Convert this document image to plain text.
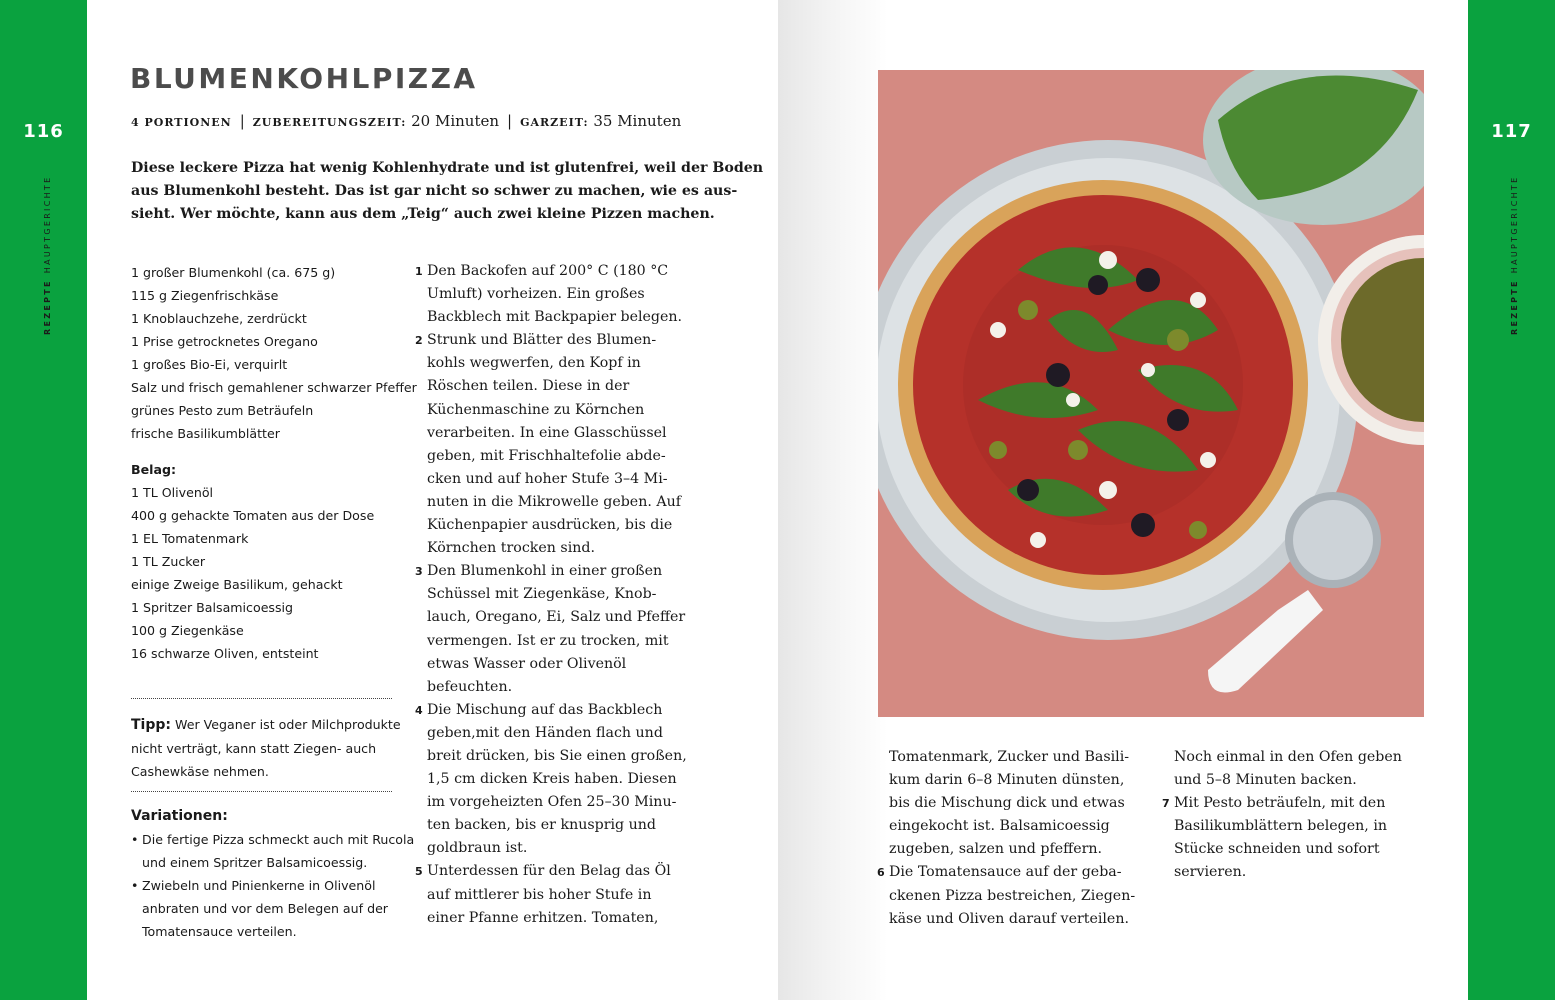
116
REZEPTEHAUPTGERICHTE
117
REZEPTEHAUPTGERICHTE
BLUMENKOHLPIZZA
4 PORTIONEN | ZUBEREITUNGSZEIT: 20 Minuten | GARZEIT: 35 Minuten
Diese leckere Pizza hat wenig Kohlenhydrate und ist glutenfrei, weil der Boden
aus Blumenkohl besteht. Das ist gar nicht so schwer zu machen, wie es aus-
sieht. Wer möchte, kann aus dem „Teig“ auch zwei kleine Pizzen machen.
1 großer Blumenkohl (ca. 675 g)
115 g Ziegenfrischkäse
1 Knoblauchzehe, zerdrückt
1 Prise getrocknetes Oregano
1 großes Bio-Ei, verquirlt
Salz und frisch gemahlener schwarzer Pfeffer
grünes Pesto zum Beträufeln
frische Basilikumblätter
Belag:
1 TL Olivenöl
400 g gehackte Tomaten aus der Dose
1 EL Tomatenmark
1 TL Zucker
einige Zweige Basilikum, gehackt
1 Spritzer Balsamicoessig
100 g Ziegenkäse
16 schwarze Oliven, entsteint
Tipp: Wer Veganer ist oder Milchprodukte
nicht verträgt, kann statt Ziegen- auch
Cashewkäse nehmen.
Variationen:
• Die fertige Pizza schmeckt auch mit Rucola
und einem Spritzer Balsamicoessig.
• Zwiebeln und Pinienkerne in Olivenöl
anbraten und vor dem Belegen auf der
Tomatensauce verteilen.
1 Den Backofen auf 200° C (180 °C
Umluft) vorheizen. Ein großes
Backblech mit Backpapier belegen.
2 Strunk und Blätter des Blumen-
kohls wegwerfen, den Kopf in
Röschen teilen. Diese in der
Küchenmaschine zu Körnchen
verarbeiten. In eine Glasschüssel
geben, mit Frischhaltefolie abde-
cken und auf hoher Stufe 3–4 Mi-
nuten in die Mikrowelle geben. Auf
Küchenpapier ausdrücken, bis die
Körnchen trocken sind.
3 Den Blumenkohl in einer großen
Schüssel mit Ziegenkäse, Knob-
lauch, Oregano, Ei, Salz und Pfeffer
vermengen. Ist er zu trocken, mit
etwas Wasser oder Olivenöl
befeuchten.
4 Die Mischung auf das Backblech
geben,mit den Händen flach und
breit drücken, bis Sie einen großen,
1,5 cm dicken Kreis haben. Diesen
im vorgeheizten Ofen 25–30 Minu-
ten backen, bis er knusprig und
goldbraun ist.
5 Unterdessen für den Belag das Öl
auf mittlerer bis hoher Stufe in
einer Pfanne erhitzen. Tomaten,
Tomatenmark, Zucker und Basili-
kum darin 6–8 Minuten dünsten,
bis die Mischung dick und etwas
eingekocht ist. Balsamicoessig
zugeben, salzen und pfeffern.
6 Die Tomatensauce auf der geba-
ckenen Pizza bestreichen, Ziegen-
käse und Oliven darauf verteilen.
Noch einmal in den Ofen geben
und 5–8 Minuten backen.
7 Mit Pesto beträufeln, mit den
Basilikumblättern belegen, in
Stücke schneiden und sofort
servieren.
